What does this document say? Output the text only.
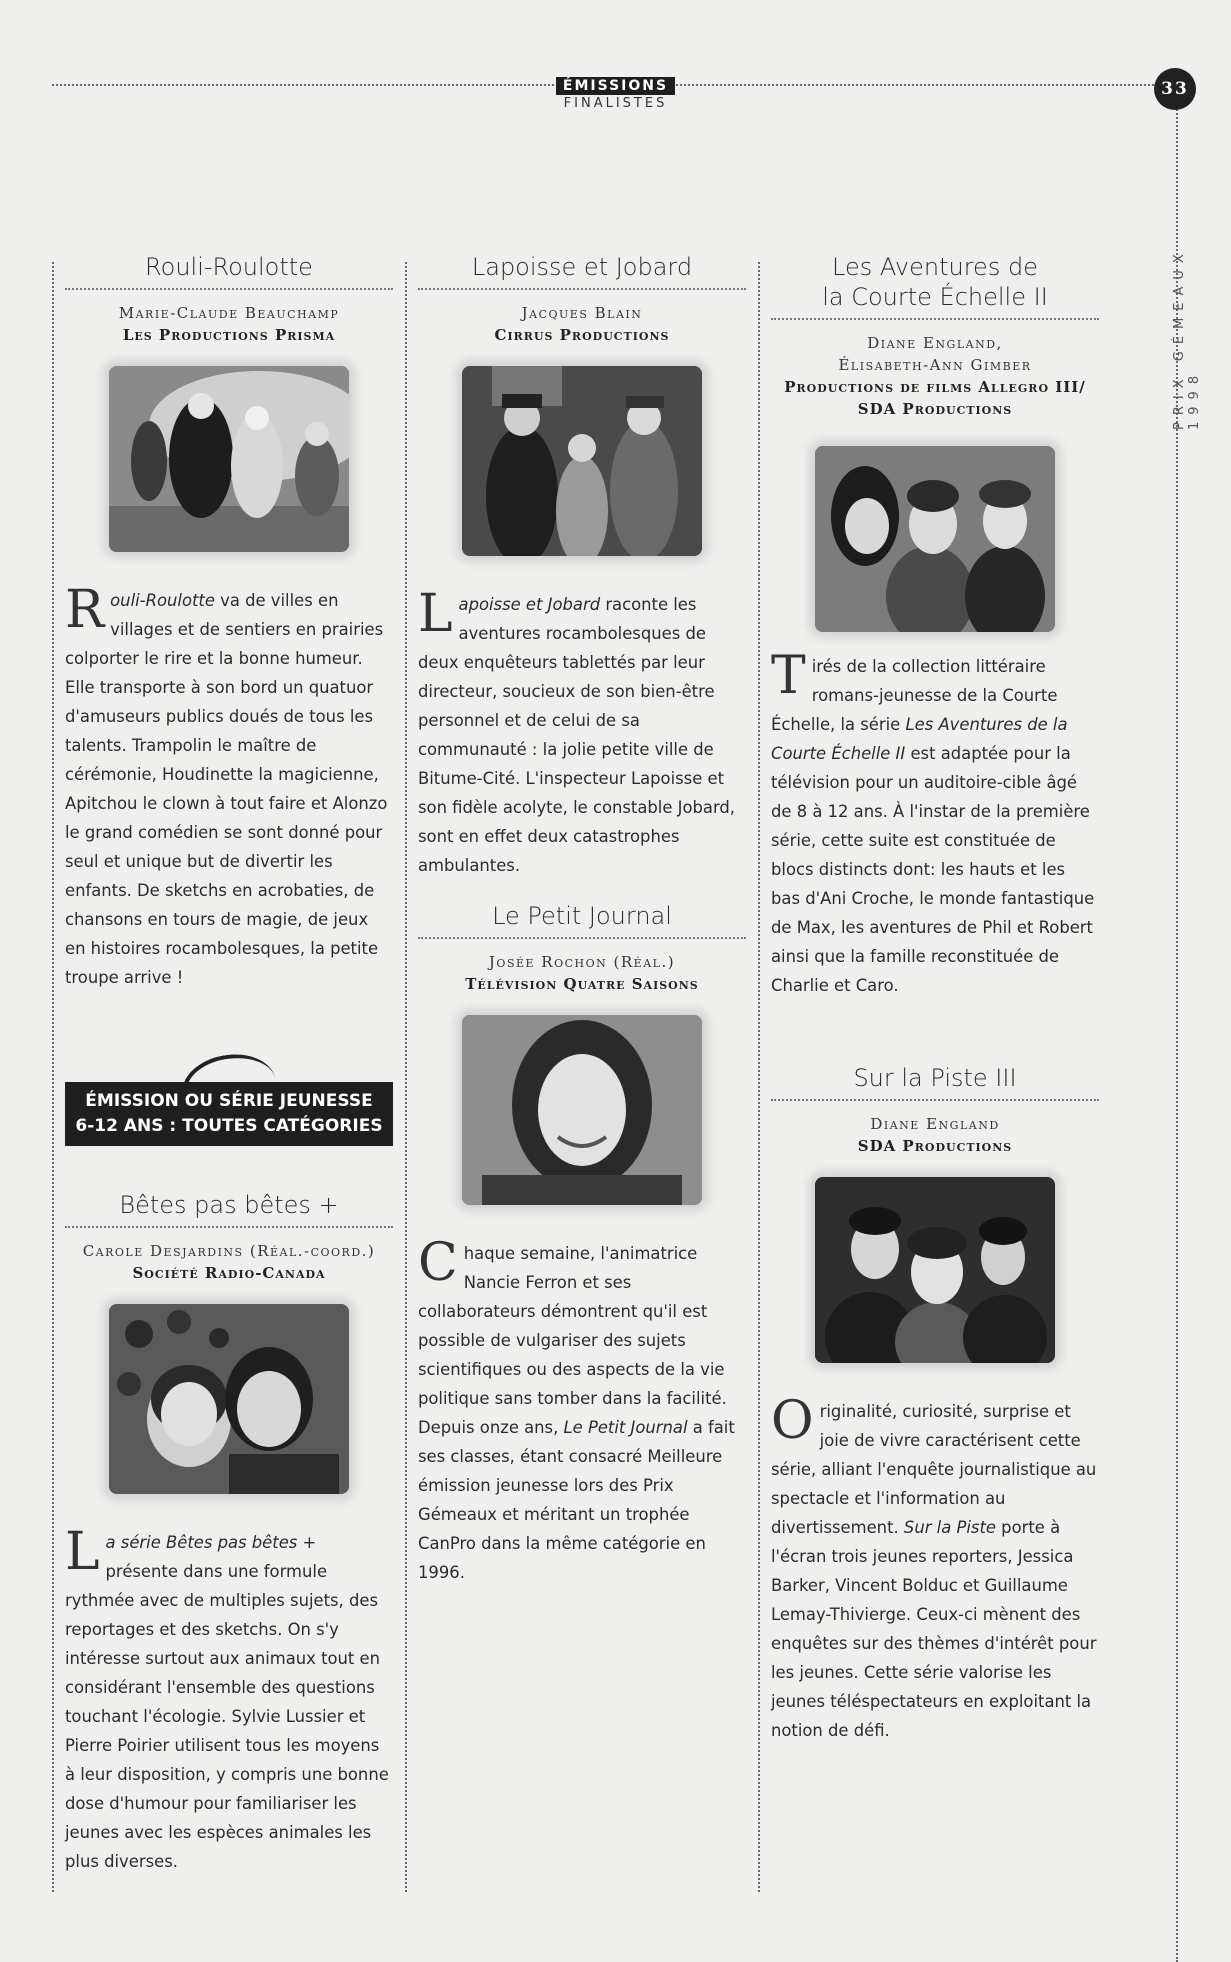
ÉMISSIONS
FINALISTES
33
PRIX GÉMEAUX 1998
Rouli-Roulotte
Marie-Claude Beauchamp
Les Productions Prisma

Rouli-Roulotte va de villes en villages et de sentiers en prairies colporter le rire et la bonne humeur. Elle transporte à son bord un quatuor d'amuseurs publics doués de tous les talents. Trampolin le maître de cérémonie, Houdinette la magicienne, Apitchou le clown à tout faire et Alonzo le grand comédien se sont donné pour seul et unique but de divertir les enfants. De sketchs en acrobaties, de chansons en tours de magie, de jeux en histoires rocambolesques, la petite troupe arrive !

ÉMISSION OU SÉRIE JEUNESSE
6-12 ANS : TOUTES CATÉGORIES
Bêtes pas bêtes +
Carole Desjardins (Réal.-coord.)
Société Radio-Canada

La série Bêtes pas bêtes + présente dans une formule rythmée avec de multiples sujets, des reportages et des sketchs. On s'y intéresse surtout aux animaux tout en considérant l'ensemble des questions touchant l'écologie. Sylvie Lussier et Pierre Poirier utilisent tous les moyens à leur disposition, y compris une bonne dose d'humour pour familiariser les jeunes avec les espèces animales les plus diverses.

Lapoisse et Jobard
Jacques Blain
Cirrus Productions

Lapoisse et Jobard raconte les aventures rocambolesques de deux enquêteurs tablettés par leur directeur, soucieux de son bien-être personnel et de celui de sa communauté : la jolie petite ville de Bitume-Cité. L'inspecteur Lapoisse et son fidèle acolyte, le constable Jobard, sont en effet deux catastrophes ambulantes.

Le Petit Journal
Josée Rochon (Réal.)
Télévision Quatre Saisons

Chaque semaine, l'animatrice Nancie Ferron et ses collaborateurs démontrent qu'il est possible de vulgariser des sujets scientifiques ou des aspects de la vie politique sans tomber dans la facilité. Depuis onze ans, Le Petit Journal a fait ses classes, étant consacré Meilleure émission jeunesse lors des Prix Gémeaux et méritant un trophée CanPro dans la même catégorie en 1996.

Les Aventures de
la Courte Échelle II
Diane England,
Élisabeth-Ann Gimber
Productions de films Allegro III/
SDA Productions

Tirés de la collection littéraire romans-jeunesse de la Courte Échelle, la série Les Aventures de la Courte Échelle II est adaptée pour la télévision pour un auditoire-cible âgé de 8 à 12 ans. À l'instar de la première série, cette suite est constituée de blocs distincts dont: les hauts et les bas d'Ani Croche, le monde fantastique de Max, les aventures de Phil et Robert ainsi que la famille reconstituée de Charlie et Caro.

Sur la Piste III
Diane England
SDA Productions

Originalité, curiosité, surprise et joie de vivre caractérisent cette série, alliant l'enquête journalistique au spectacle et l'information au divertissement. Sur la Piste porte à l'écran trois jeunes reporters, Jessica Barker, Vincent Bolduc et Guillaume Lemay-Thivierge. Ceux-ci mènent des enquêtes sur des thèmes d'intérêt pour les jeunes. Cette série valorise les jeunes téléspectateurs en exploitant la notion de défi.
